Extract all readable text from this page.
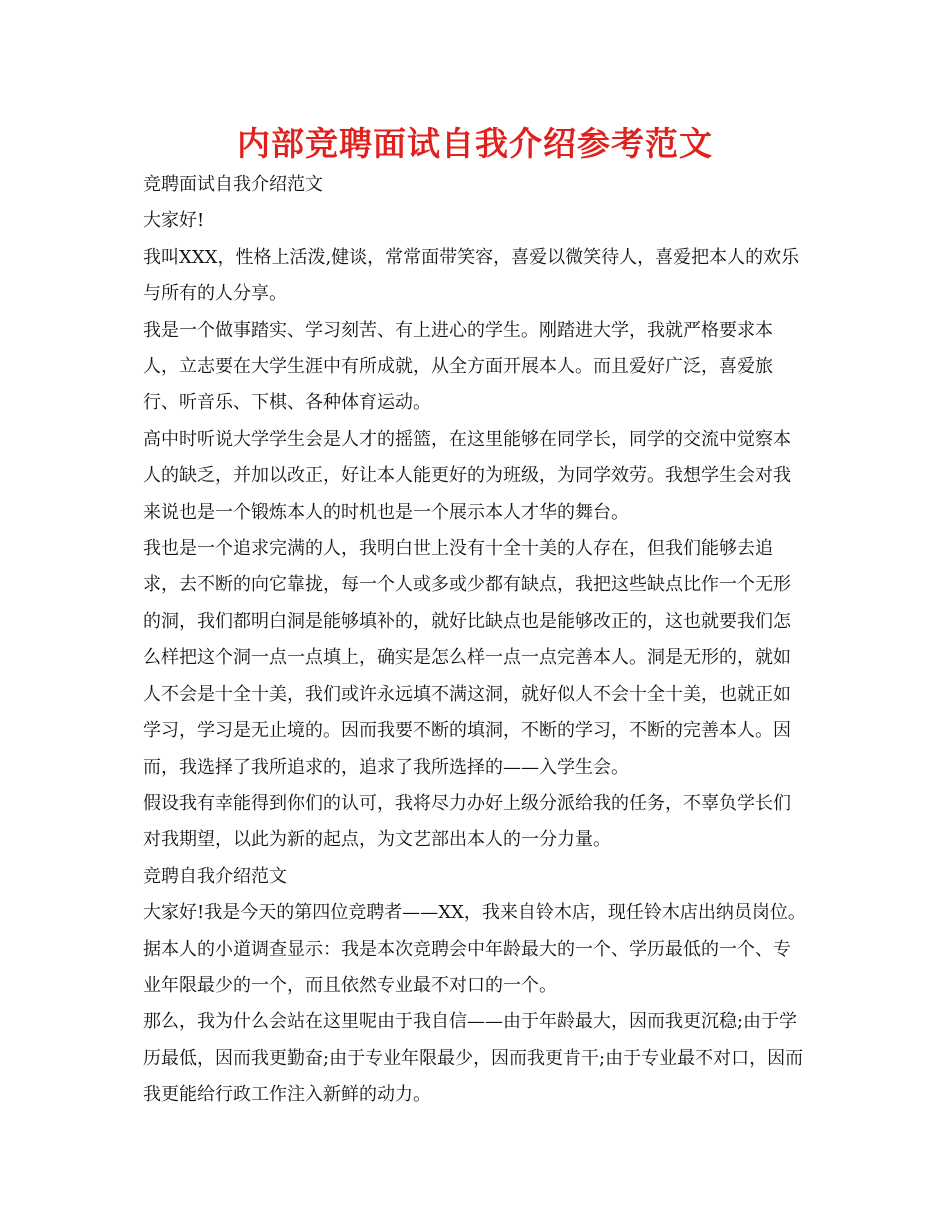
内部竞聘面试自我介绍参考范文

竞聘面试自我介绍范文

大家好!

我叫XXX，性格上活泼,健谈，常常面带笑容，喜爱以微笑待人，喜爱把本人的欢乐与所有的人分享。

我是一个做事踏实、学习刻苦、有上进心的学生。刚踏进大学，我就严格要求本人，立志要在大学生涯中有所成就，从全方面开展本人。而且爱好广泛，喜爱旅行、听音乐、下棋、各种体育运动。

高中时听说大学学生会是人才的摇篮，在这里能够在同学长，同学的交流中觉察本人的缺乏，并加以改正，好让本人能更好的为班级，为同学效劳。我想学生会对我来说也是一个锻炼本人的时机也是一个展示本人才华的舞台。

我也是一个追求完满的人，我明白世上没有十全十美的人存在，但我们能够去追求，去不断的向它靠拢，每一个人或多或少都有缺点，我把这些缺点比作一个无形的洞，我们都明白洞是能够填补的，就好比缺点也是能够改正的，这也就要我们怎么样把这个洞一点一点填上，确实是怎么样一点一点完善本人。洞是无形的，就如人不会是十全十美，我们或许永远填不满这洞，就好似人不会十全十美，也就正如学习，学习是无止境的。因而我要不断的填洞，不断的学习，不断的完善本人。因而，我选择了我所追求的，追求了我所选择的——入学生会。

假设我有幸能得到你们的认可，我将尽力办好上级分派给我的任务，不辜负学长们对我期望，以此为新的起点，为文艺部出本人的一分力量。

竞聘自我介绍范文

大家好!我是今天的第四位竞聘者——XX，我来自铃木店，现任铃木店出纳员岗位。据本人的小道调查显示：我是本次竞聘会中年龄最大的一个、学历最低的一个、专业年限最少的一个，而且依然专业最不对口的一个。

那么，我为什么会站在这里呢由于我自信——由于年龄最大，因而我更沉稳;由于学历最低，因而我更勤奋;由于专业年限最少，因而我更肯干;由于专业最不对口，因而我更能给行政工作注入新鲜的动力。
